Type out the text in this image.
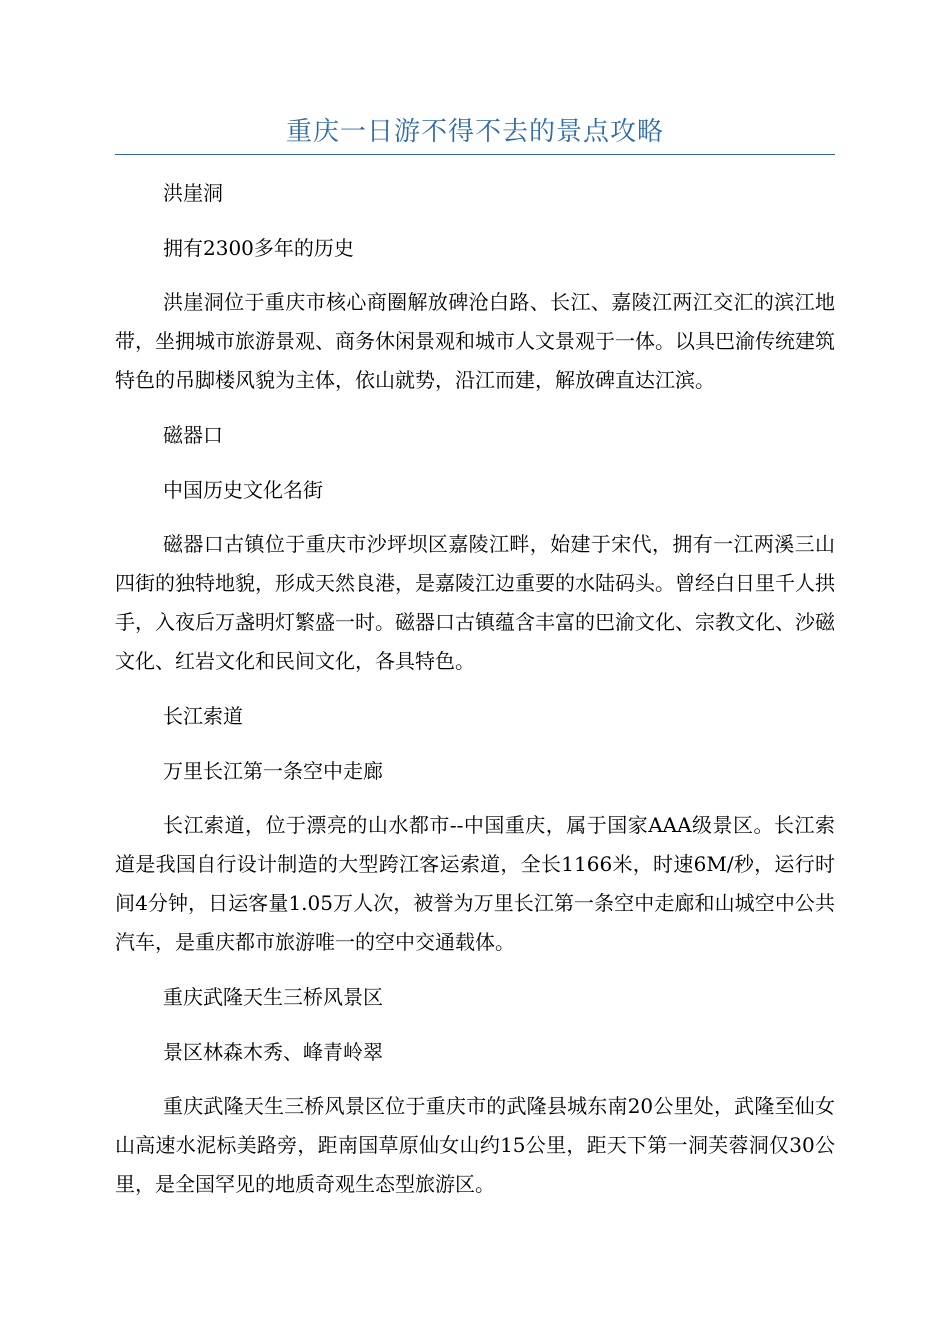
重庆一日游不得不去的景点攻略

洪崖洞

拥有2300多年的历史

洪崖洞位于重庆市核心商圈解放碑沧白路、长江、嘉陵江两江交汇的滨江地带，坐拥城市旅游景观、商务休闲景观和城市人文景观于一体。以具巴渝传统建筑特色的吊脚楼风貌为主体，依山就势，沿江而建，解放碑直达江滨。

磁器口

中国历史文化名街

磁器口古镇位于重庆市沙坪坝区嘉陵江畔，始建于宋代，拥有一江两溪三山四街的独特地貌，形成天然良港，是嘉陵江边重要的水陆码头。曾经白日里千人拱手，入夜后万盏明灯繁盛一时。磁器口古镇蕴含丰富的巴渝文化、宗教文化、沙磁文化、红岩文化和民间文化，各具特色。

长江索道

万里长江第一条空中走廊

长江索道，位于漂亮的山水都市--中国重庆，属于国家AAA级景区。长江索道是我国自行设计制造的大型跨江客运索道，全长1166米，时速6M/秒，运行时间4分钟，日运客量1.05万人次，被誉为万里长江第一条空中走廊和山城空中公共汽车，是重庆都市旅游唯一的空中交通载体。

重庆武隆天生三桥风景区

景区林森木秀、峰青岭翠

重庆武隆天生三桥风景区位于重庆市的武隆县城东南20公里处，武隆至仙女山高速水泥标美路旁，距南国草原仙女山约15公里，距天下第一洞芙蓉洞仅30公里，是全国罕见的地质奇观生态型旅游区。
